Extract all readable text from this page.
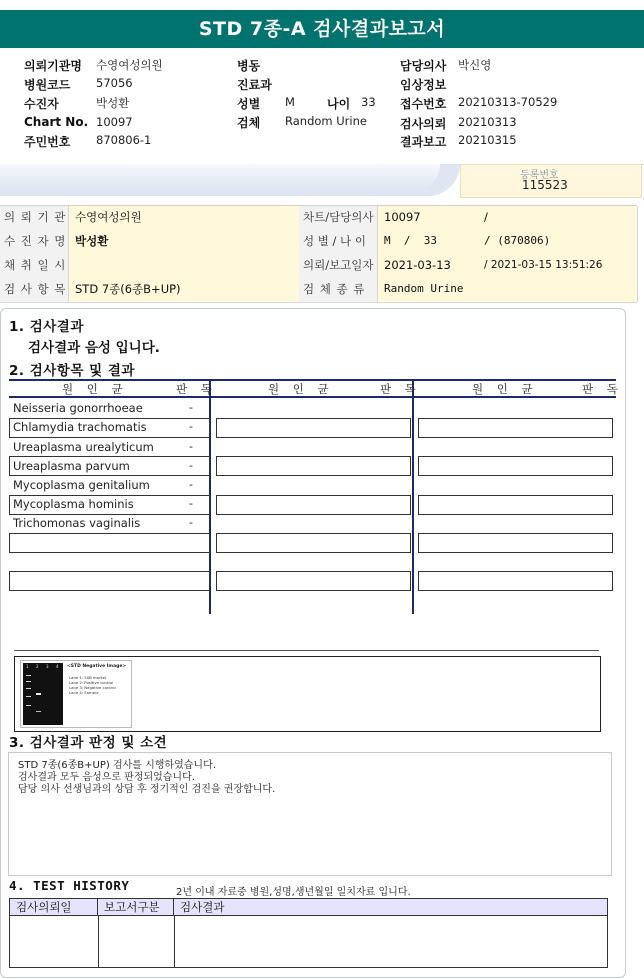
STD 7종-A 검사결과보고서
의뢰기관명 수영여성의원
병원코드 57056
수진자	박성환
Chart No. 10097
주민번호 870806-1
병동
진료과
성별 M	나이 33
검체 Random Urine
담당의사 박신영
임상정보
접수번호 20210313-70529
검사의뢰 20210313
결과보고 20210315
등록번호
115523
의 뢰 기 관 수영여성의원	차트/담당의사 10097	/
수 진 자 명 박성환	성 별 / 나 이	M  /  33	/ (870806)
채 취 일 시	의뢰/보고일자 2021-03-13	/ 2021-03-15 13:51:26
검 사 항 목 STD 7종(6종B+UP)	검 체 종 류	Random Urine
1. 검사결과
검사결과 음성 입니다.
2. 검사항목 및 결과
원 인 균	판 독	원 인 균	판 독	원 인 균	판 독
Neisseria gonorrhoeae	-
Chlamydia trachomatis	-
Ureaplasma urealyticum	-
Ureaplasma parvum	-
Mycoplasma genitalium	-
Mycoplasma hominis	-
Trichomonas vaginalis	-
1 2 3 4 <STD Negative Image>
Lane 1: 50B marker
Lane 2: Positive control
Lane 3: Negative control
Lane 4: Sample
3. 검사결과 판정 및 소견
STD 7종(6종B+UP) 검사를 시행하였습니다.
검사결과 모두 음성으로 판정되었습니다.
담당 의사 선생님과의 상담 후 정기적인 검진을 권장합니다.
4. TEST HISTORY	2년 이내 자료중 병원,성명,생년월일 일치자료 입니다.
검사의뢰일	보고서구분	검사결과
